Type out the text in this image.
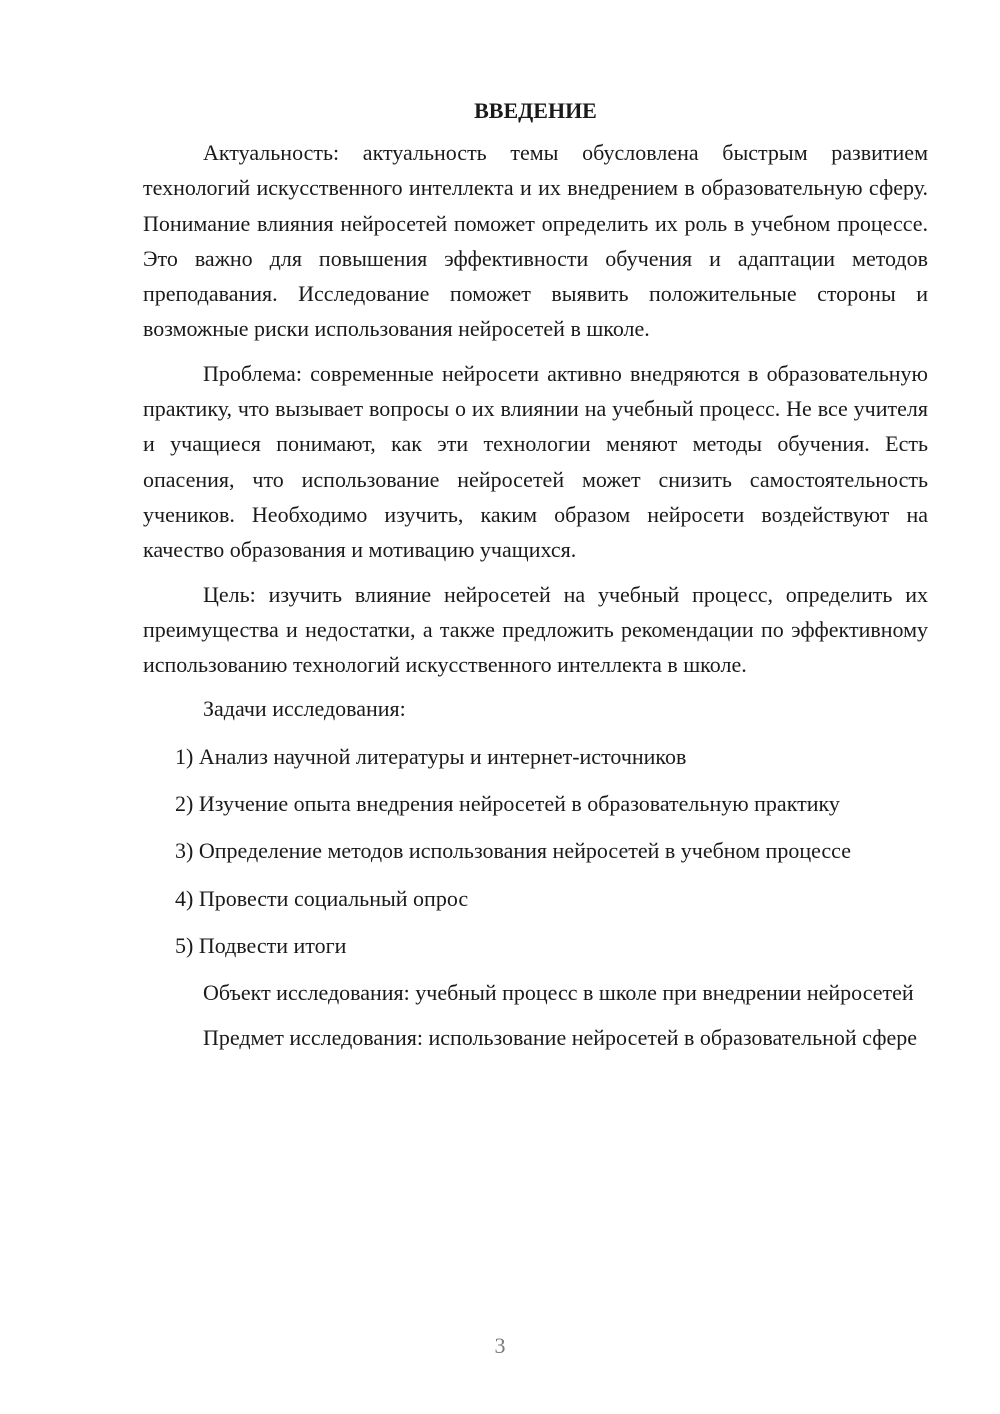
ВВЕДЕНИЕ

Актуальность: актуальность темы обусловлена быстрым развитием технологий искусственного интеллекта и их внедрением в образовательную сферу. Понимание влияния нейросетей поможет определить их роль в учебном процессе. Это важно для повышения эффективности обучения и адаптации методов преподавания. Исследование поможет выявить положительные стороны и возможные риски использования нейросетей в школе.

Проблема: современные нейросети активно внедряются в образовательную практику, что вызывает вопросы о их влиянии на учебный процесс. Не все учителя и учащиеся понимают, как эти технологии меняют методы обучения. Есть опасения, что использование нейросетей может снизить самостоятельность учеников. Необходимо изучить, каким образом нейросети воздействуют на качество образования и мотивацию учащихся.

Цель: изучить влияние нейросетей на учебный процесс, определить их преимущества и недостатки, а также предложить рекомендации по эффективному использованию технологий искусственного интеллекта в школе.

Задачи исследования:

1) Анализ научной литературы и интернет-источников

2) Изучение опыта внедрения нейросетей в образовательную практику

3) Определение методов использования нейросетей в учебном процессе

4) Провести социальный опрос

5) Подвести итоги

Объект исследования: учебный процесс в школе при внедрении нейросетей

Предмет исследования: использование нейросетей в образовательной сфере

3
